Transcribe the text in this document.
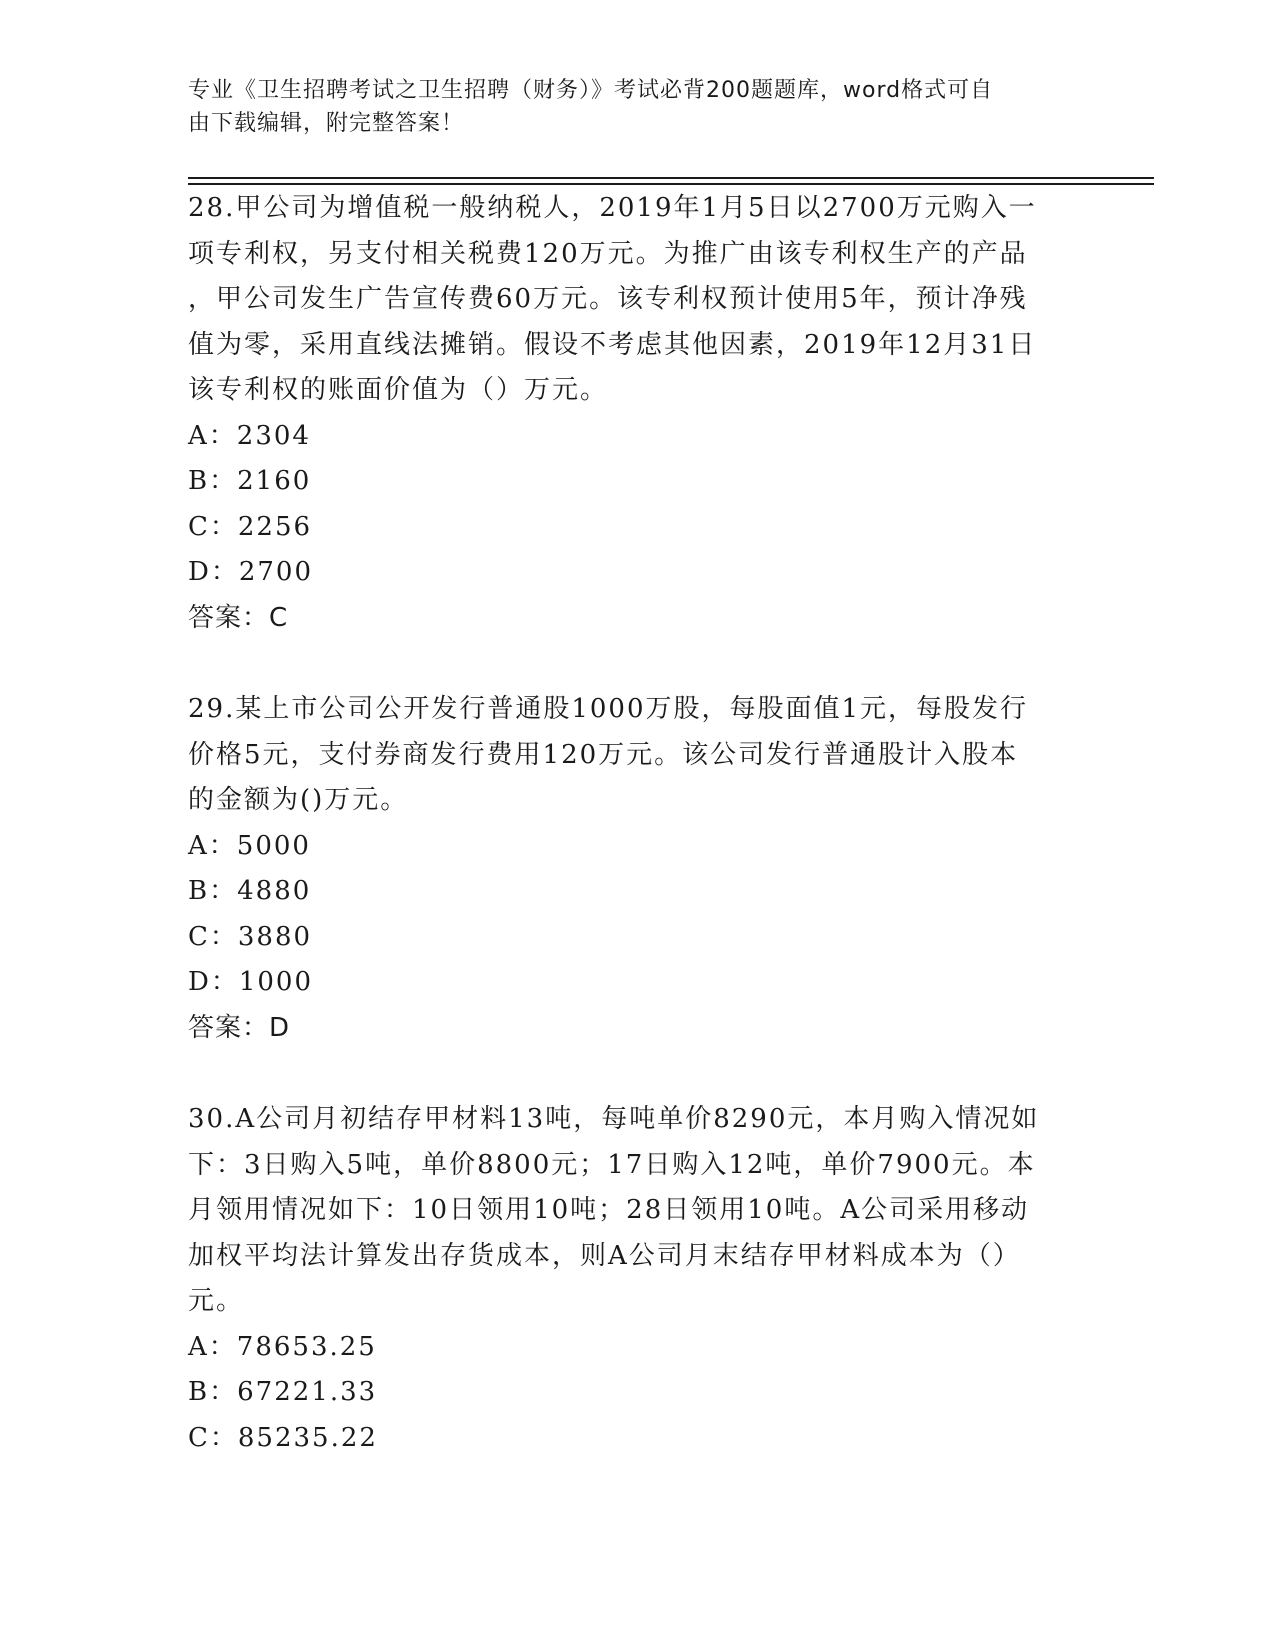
专业《卫生招聘考试之卫生招聘（财务）》考试必背200题题库，word格式可自
由下载编辑，附完整答案！

28.甲公司为增值税一般纳税人，2019年1月5日以2700万元购入一

项专利权，另支付相关税费120万元。为推广由该专利权生产的产品

，甲公司发生广告宣传费60万元。该专利权预计使用5年，预计净残

值为零，采用直线法摊销。假设不考虑其他因素，2019年12月31日

该专利权的账面价值为（）万元。

A：2304

B：2160

C：2256

D：2700

答案：C

29.某上市公司公开发行普通股1000万股，每股面值1元，每股发行

价格5元，支付券商发行费用120万元。该公司发行普通股计入股本

的金额为()万元。

A：5000

B：4880

C：3880

D：1000

答案：D

30.A公司月初结存甲材料13吨，每吨单价8290元，本月购入情况如

下：3日购入5吨，单价8800元；17日购入12吨，单价7900元。本

月领用情况如下：10日领用10吨；28日领用10吨。A公司采用移动

加权平均法计算发出存货成本，则A公司月末结存甲材料成本为（）

元。

A：78653.25

B：67221.33

C：85235.22
